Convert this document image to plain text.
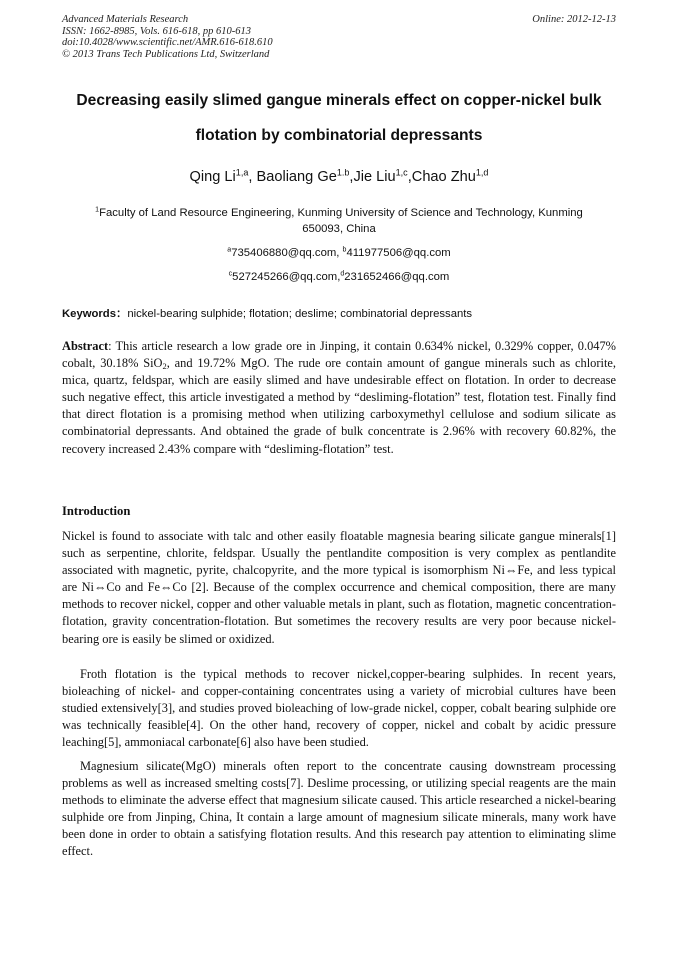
Advanced Materials Research
ISSN: 1662-8985, Vols. 616-618, pp 610-613
doi:10.4028/www.scientific.net/AMR.616-618.610
© 2013 Trans Tech Publications Ltd, Switzerland
Online: 2012-12-13
Decreasing easily slimed gangue minerals effect on copper-nickel bulk
flotation by combinatorial depressants
Qing Li$^{1,a}$, Baoliang $Ge^{1.b},Jie$ Liu$^{1,c}$,Chao Zhu$^{1,d}$
$^1$Faculty of Land Resource Engineering, Kunming University of Science and Technology, Kunming
650093, China
$^a$735406880@qq.com, $^b$411977506@qq.com
$^c$527245266@qq.com,$^d$231652466@qq.com
Keywords：nickel-bearing sulphide; flotation; deslime; combinatorial depressants

Abstract: This article research a low grade ore in Jinping, it contain 0.634% nickel, 0.329% copper, 0.047% cobalt, 30.18% SiO$_2$, and 19.72% MgO. The rude ore contain amount of gangue minerals such as chlorite, mica, quartz, feldspar, which are easily slimed and have undesirable effect on flotation. In order to decrease such negative effect, this article investigated a method by “desliming-flotation” test, flotation test. Finally find that direct flotation is a promising method when utilizing carboxymethyl cellulose and sodium silicate as combinatorial depressants. And obtained the grade of bulk concentrate is 2.96% with recovery 60.82%, the recovery increased 2.43% compare with “desliming-flotation” test.

Introduction

Nickel is found to associate with talc and other easily floatable magnesia bearing silicate gangue minerals[1] such as serpentine, chlorite, feldspar. Usually the pentlandite composition is very complex as pentlandite associated with magnetic, pyrite, chalcopyrite, and the more typical is isomorphism Ni⇔Fe, and less typical are Ni⇔Co and Fe⇔Co [2]. Because of the complex occurrence and chemical composition, there are many methods to recover nickel, copper and other valuable metals in plant, such as flotation, magnetic concentration-flotation, gravity concentration-flotation. But sometimes the recovery results are very poor because nickel-bearing ore is easily be slimed or oxidized.

Froth flotation is the typical methods to recover nickel,copper-bearing sulphides. In recent years, bioleaching of nickel- and copper-containing concentrates using a variety of microbial cultures have been studied extensively[3], and studies proved bioleaching of low-grade nickel, copper, cobalt bearing sulphide ore was technically feasible[4]. On the other hand, recovery of copper, nickel and cobalt by acidic pressure leaching[5], ammoniacal carbonate[6] also have been studied.

Magnesium silicate(MgO) minerals often report to the concentrate causing downstream processing problems as well as increased smelting costs[7]. Deslime processing, or utilizing special reagents are the main methods to eliminate the adverse effect that magnesium silicate caused. This article researched a nickel-bearing sulphide ore from Jinping, China, It contain a large amount of magnesium silicate minerals, many work have been done in order to obtain a satisfying flotation results. And this research pay attention to eliminating slime effect.
